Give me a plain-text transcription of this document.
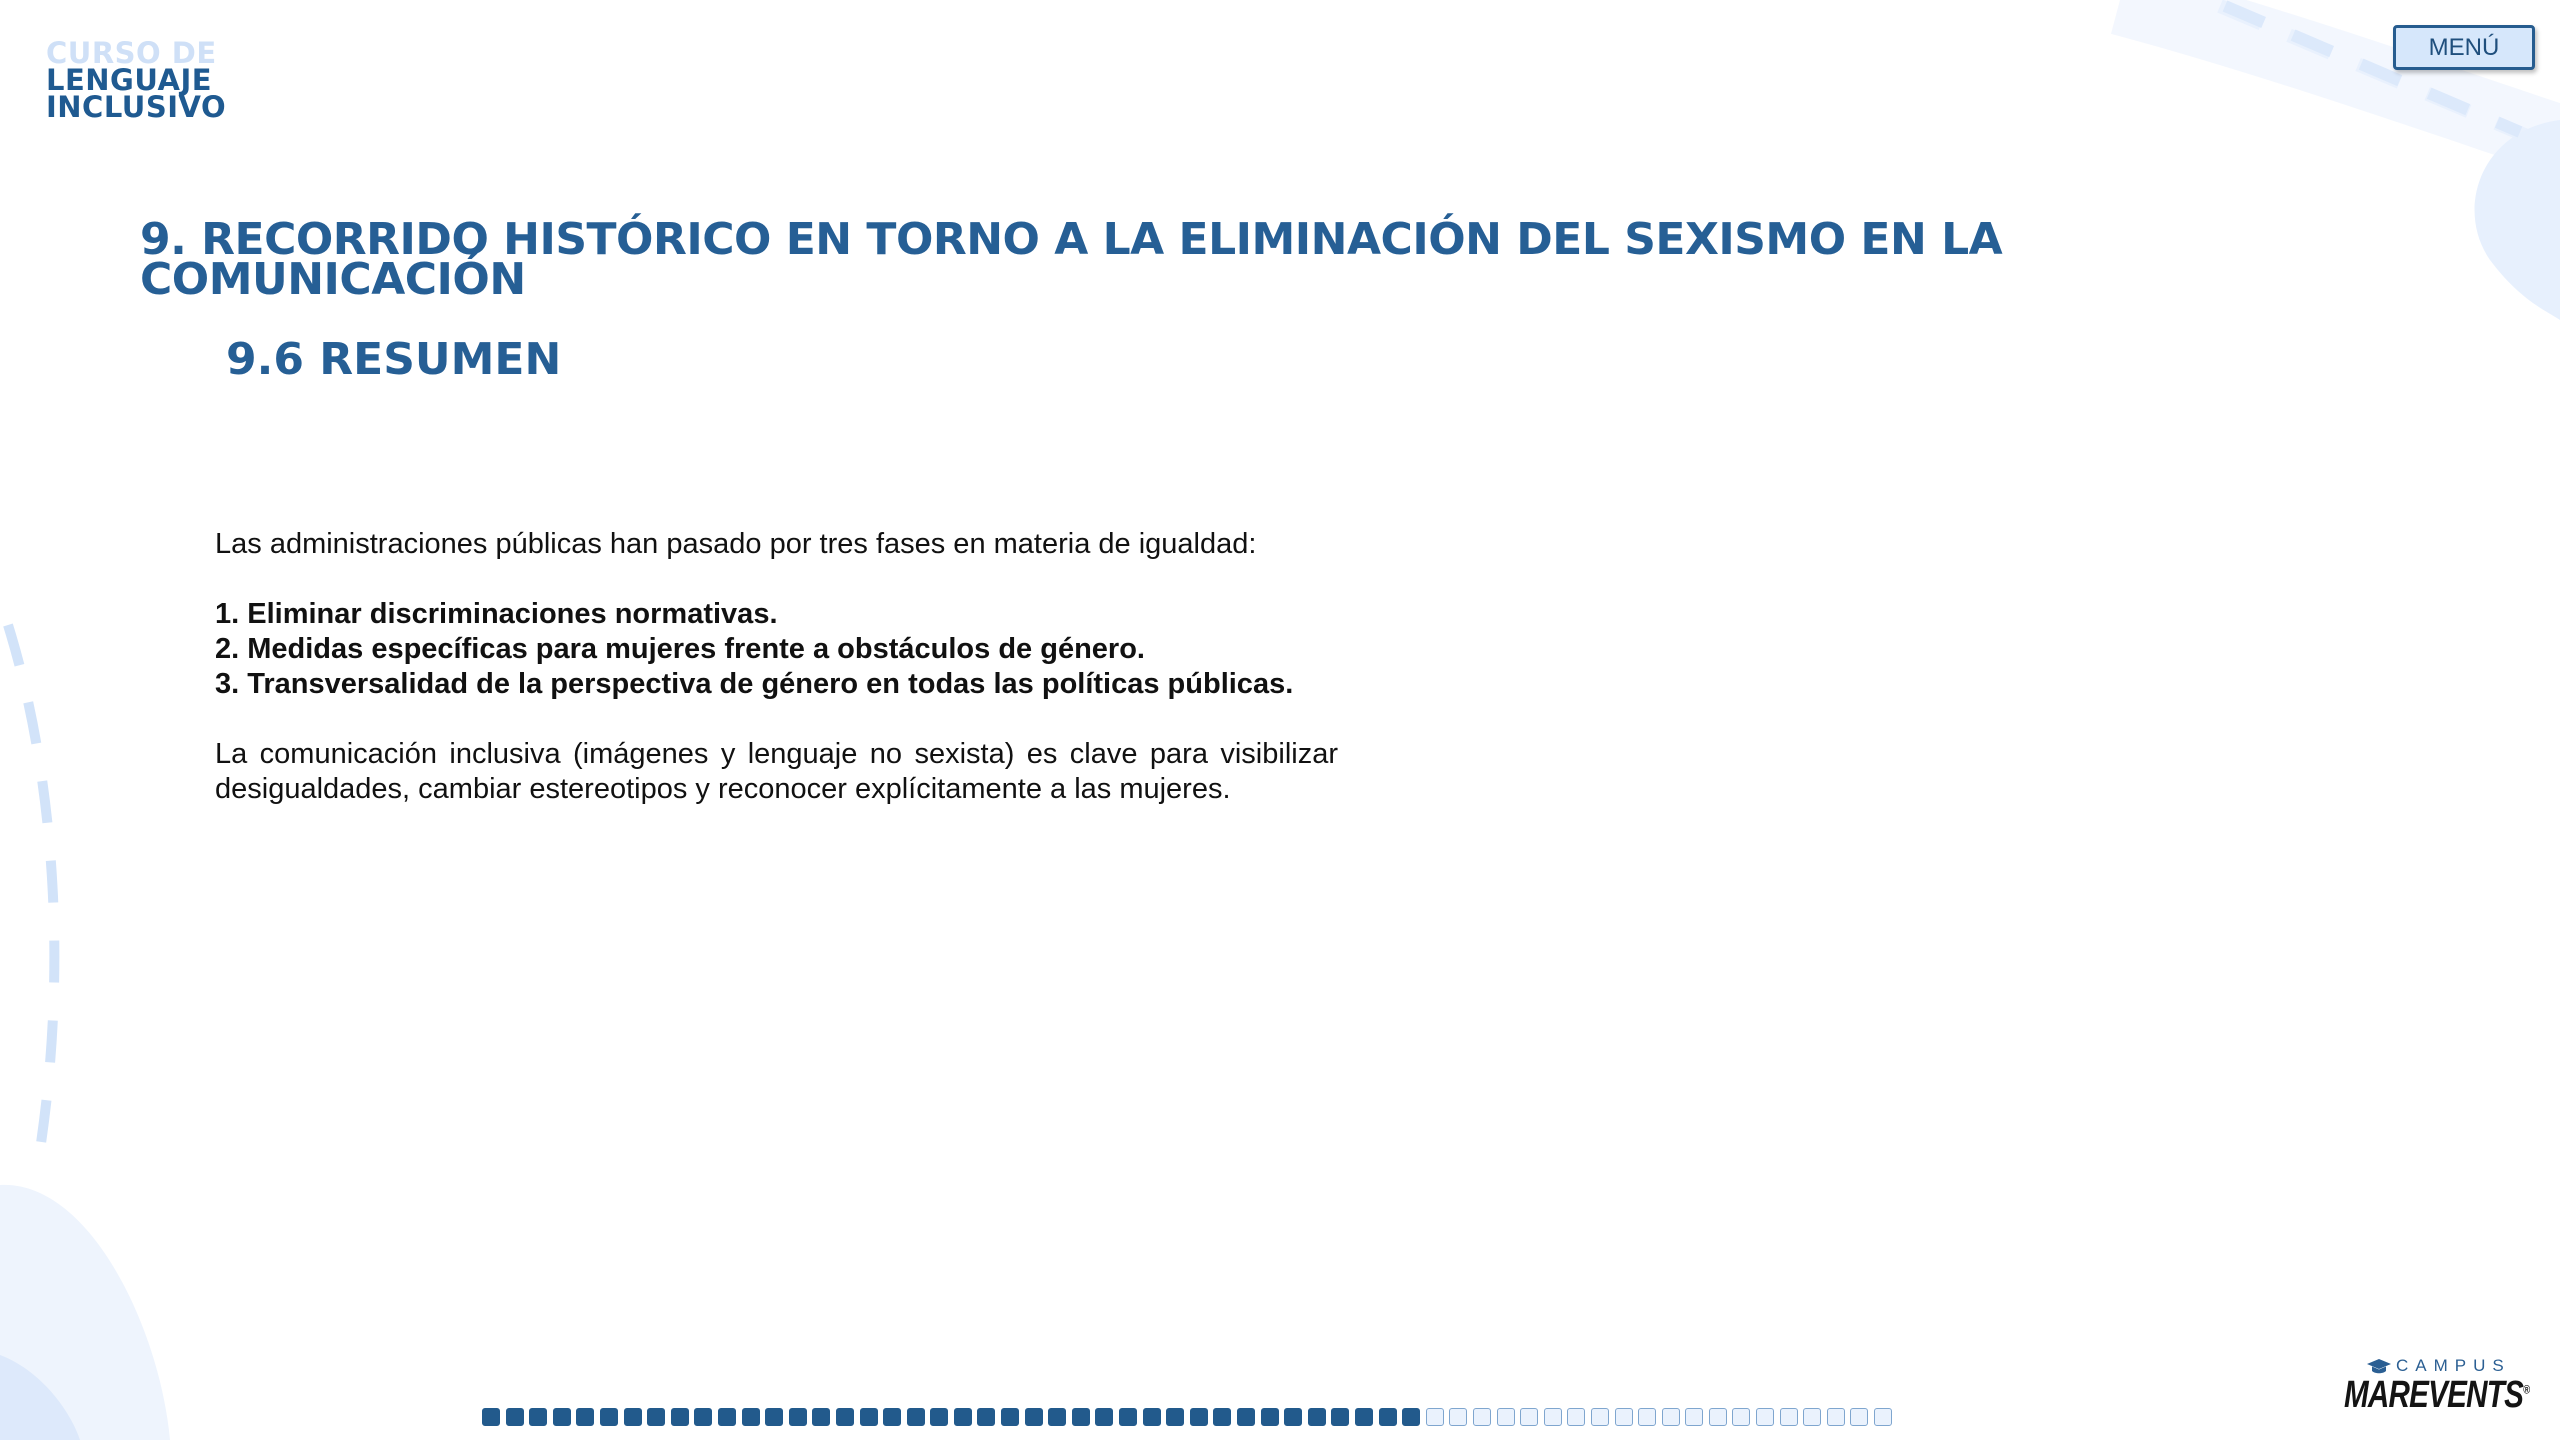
CURSO DE
LENGUAJE
INCLUSIVO
MENÚ
9. RECORRIDO HISTÓRICO EN TORNO A LA ELIMINACIÓN DEL SEXISMO EN LA COMUNICACIÓN
9.6 RESUMEN

Las administraciones públicas han pasado por tres fases en materia de igualdad:

1. Eliminar discriminaciones normativas.
2. Medidas específicas para mujeres frente a obstáculos de género.
3. Transversalidad de la perspectiva de género en todas las políticas públicas.

La comunicación inclusiva (imágenes y lenguaje no sexista) es clave para visibilizar desigualdades, cambiar estereotipos y reconocer explícitamente a las mujeres.

CAMPUS
MAREVENTS®
